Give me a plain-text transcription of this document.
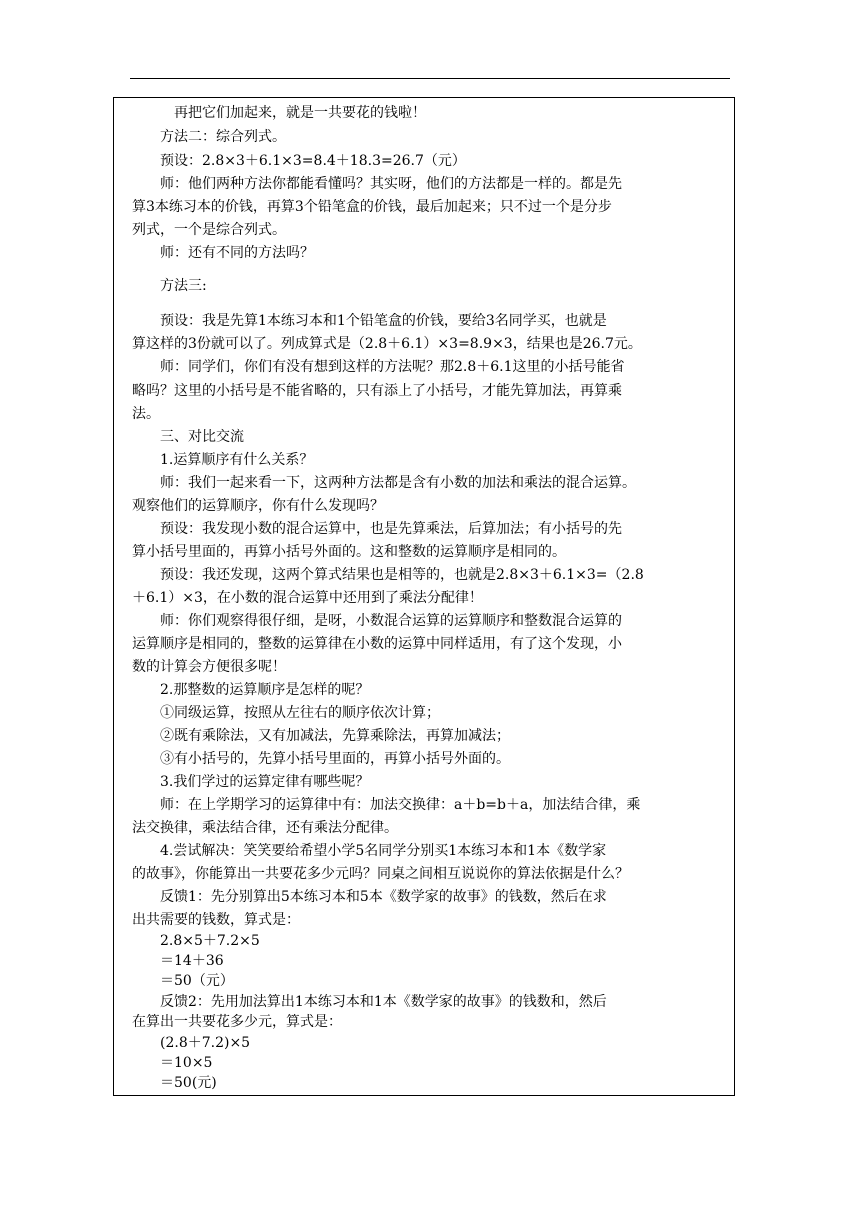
再把它们加起来，就是一共要花的钱啦！
方法二：综合列式。
预设：2.8×3＋6.1×3=8.4＋18.3=26.7（元）
师：他们两种方法你都能看懂吗？其实呀，他们的方法都是一样的。都是先
算3本练习本的价钱，再算3个铅笔盒的价钱，最后加起来；只不过一个是分步
列式，一个是综合列式。
师：还有不同的方法吗？
方法三:
预设：我是先算1本练习本和1个铅笔盒的价钱，要给3名同学买，也就是
算这样的3份就可以了。列成算式是（2.8＋6.1）×3=8.9×3，结果也是26.7元。
师：同学们，你们有没有想到这样的方法呢？那2.8＋6.1这里的小括号能省
略吗？这里的小括号是不能省略的，只有添上了小括号，才能先算加法，再算乘
法。
三、对比交流
1.运算顺序有什么关系？
师：我们一起来看一下，这两种方法都是含有小数的加法和乘法的混合运算。
观察他们的运算顺序，你有什么发现吗？
预设：我发现小数的混合运算中，也是先算乘法，后算加法；有小括号的先
算小括号里面的，再算小括号外面的。这和整数的运算顺序是相同的。
预设：我还发现，这两个算式结果也是相等的，也就是2.8×3＋6.1×3=（2.8
＋6.1）×3，在小数的混合运算中还用到了乘法分配律！
师：你们观察得很仔细，是呀，小数混合运算的运算顺序和整数混合运算的
运算顺序是相同的，整数的运算律在小数的运算中同样适用，有了这个发现，小
数的计算会方便很多呢！
2.那整数的运算顺序是怎样的呢？
①同级运算，按照从左往右的顺序依次计算；
②既有乘除法，又有加减法，先算乘除法，再算加减法；
③有小括号的，先算小括号里面的，再算小括号外面的。
3.我们学过的运算定律有哪些呢？
师：在上学期学习的运算律中有：加法交换律：a＋b=b＋a，加法结合律，乘
法交换律，乘法结合律，还有乘法分配律。
4.尝试解决：笑笑要给希望小学5名同学分别买1本练习本和1本《数学家
的故事》，你能算出一共要花多少元吗？同桌之间相互说说你的算法依据是什么？
反馈1：先分别算出5本练习本和5本《数学家的故事》的钱数，然后在求
出共需要的钱数，算式是：
2.8×5＋7.2×5
＝14＋36
＝50（元）
反馈2：先用加法算出1本练习本和1本《数学家的故事》的钱数和，然后
在算出一共要花多少元，算式是：
(2.8＋7.2)×5
＝10×5
＝50(元)
